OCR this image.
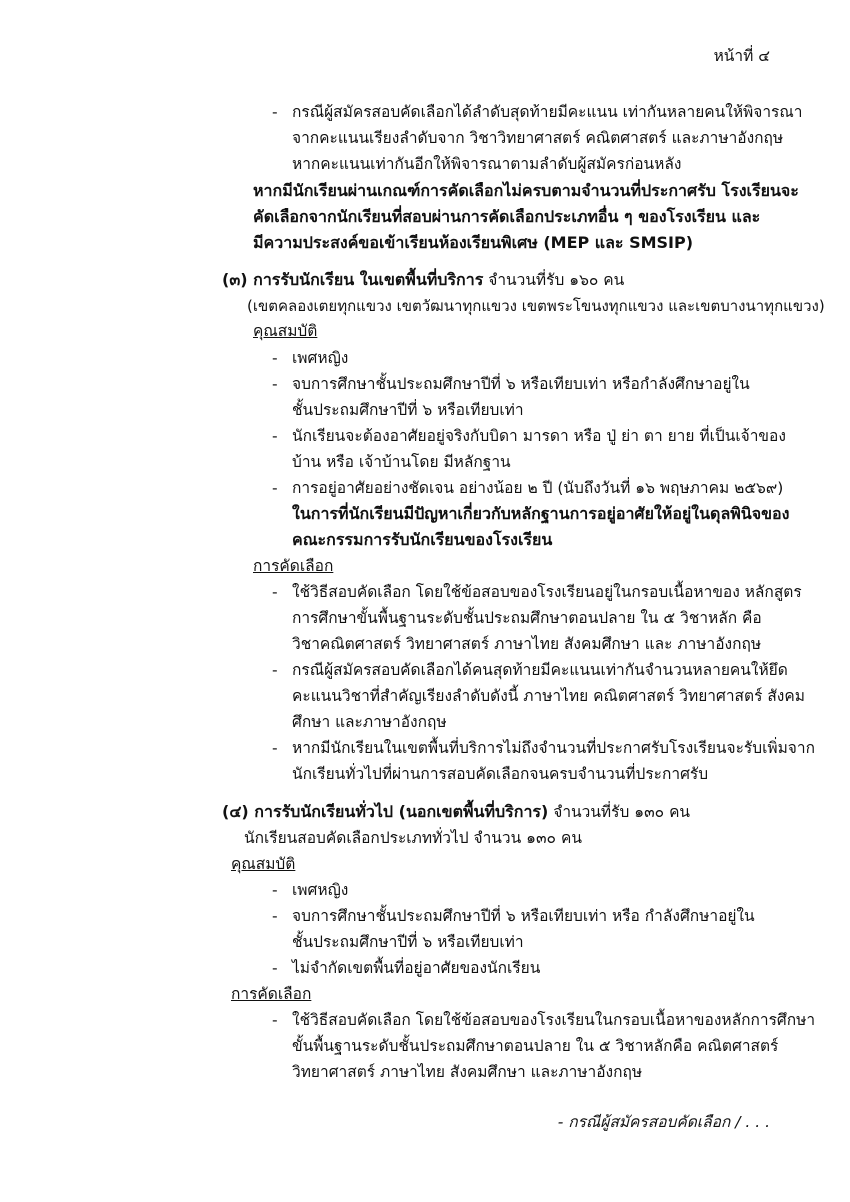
หน้าที่ ๔
- กรณีผู้สมัครสอบคัดเลือกได้ลำดับสุดท้ายมีคะแนน เท่ากันหลายคนให้พิจารณา
จากคะแนนเรียงลำดับจาก วิชาวิทยาศาสตร์ คณิตศาสตร์ และภาษาอังกฤษ
หากคะแนนเท่ากันอีกให้พิจารณาตามลำดับผู้สมัครก่อนหลัง
หากมีนักเรียนผ่านเกณฑ์การคัดเลือกไม่ครบตามจำนวนที่ประกาศรับ โรงเรียนจะ
คัดเลือกจากนักเรียนที่สอบผ่านการคัดเลือกประเภทอื่น ๆ ของโรงเรียน และ
มีความประสงค์ขอเข้าเรียนห้องเรียนพิเศษ (MEP และ SMSIP)
(๓) การรับนักเรียน ในเขตพื้นที่บริการ จำนวนที่รับ ๑๖๐ คน
(เขตคลองเตยทุกแขวง เขตวัฒนาทุกแขวง เขตพระโขนงทุกแขวง และเขตบางนาทุกแขวง)
คุณสมบัติ
- เพศหญิง
- จบการศึกษาชั้นประถมศึกษาปีที่ ๖ หรือเทียบเท่า หรือกำลังศึกษาอยู่ใน
ชั้นประถมศึกษาปีที่ ๖ หรือเทียบเท่า
- นักเรียนจะต้องอาศัยอยู่จริงกับบิดา มารดา หรือ ปู่ ย่า ตา ยาย ที่เป็นเจ้าของ
บ้าน หรือ เจ้าบ้านโดย มีหลักฐาน
- การอยู่อาศัยอย่างชัดเจน อย่างน้อย ๒ ปี (นับถึงวันที่ ๑๖ พฤษภาคม ๒๕๖๙)
ในการที่นักเรียนมีปัญหาเกี่ยวกับหลักฐานการอยู่อาศัยให้อยู่ในดุลพินิจของ
คณะกรรมการรับนักเรียนของโรงเรียน
การคัดเลือก
- ใช้วิธีสอบคัดเลือก โดยใช้ข้อสอบของโรงเรียนอยู่ในกรอบเนื้อหาของ หลักสูตร
การศึกษาขั้นพื้นฐานระดับชั้นประถมศึกษาตอนปลาย ใน ๕ วิชาหลัก คือ
วิชาคณิตศาสตร์ วิทยาศาสตร์ ภาษาไทย สังคมศึกษา และ ภาษาอังกฤษ
- กรณีผู้สมัครสอบคัดเลือกได้คนสุดท้ายมีคะแนนเท่ากันจำนวนหลายคนให้ยึด
คะแนนวิชาที่สำคัญเรียงลำดับดังนี้ ภาษาไทย คณิตศาสตร์ วิทยาศาสตร์ สังคม
ศึกษา และภาษาอังกฤษ
- หากมีนักเรียนในเขตพื้นที่บริการไม่ถึงจำนวนที่ประกาศรับโรงเรียนจะรับเพิ่มจาก
นักเรียนทั่วไปที่ผ่านการสอบคัดเลือกจนครบจำนวนที่ประกาศรับ
(๔) การรับนักเรียนทั่วไป (นอกเขตพื้นที่บริการ) จำนวนที่รับ ๑๓๐ คน
นักเรียนสอบคัดเลือกประเภททั่วไป จำนวน ๑๓๐ คน
คุณสมบัติ
- เพศหญิง
- จบการศึกษาชั้นประถมศึกษาปีที่ ๖ หรือเทียบเท่า หรือ กำลังศึกษาอยู่ใน
ชั้นประถมศึกษาปีที่ ๖ หรือเทียบเท่า
- ไม่จำกัดเขตพื้นที่อยู่อาศัยของนักเรียน
การคัดเลือก
- ใช้วิธีสอบคัดเลือก โดยใช้ข้อสอบของโรงเรียนในกรอบเนื้อหาของหลักการศึกษา
ขั้นพื้นฐานระดับชั้นประถมศึกษาตอนปลาย ใน ๕ วิชาหลักคือ คณิตศาสตร์
วิทยาศาสตร์ ภาษาไทย สังคมศึกษา และภาษาอังกฤษ
- กรณีผู้สมัครสอบคัดเลือก / . . .
